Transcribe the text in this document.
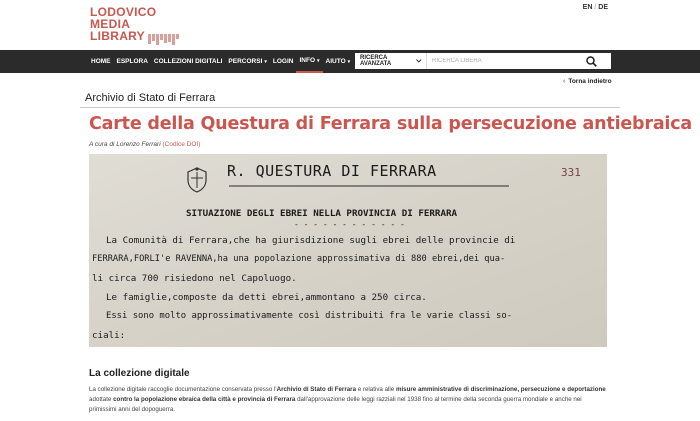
LODOVICO
MEDIA
LIBRARY
EN / DE
HOME ESPLORA COLLEZIONI DIGITALI PERCORSI ▾ LOGIN INFO ▾ AIUTO ▾
RICERCA AVANZATA
RICERCA LIBERA
‹ Torna indietro
Archivio di Stato di Ferrara
Carte della Questura di Ferrara sulla persecuzione antiebraica
A cura di Lorenzo Ferrari (Codice DOI)
R. QUESTURA DI FERRARA	331
SITUAZIONE DEGLI EBREI NELLA PROVINCIA DI FERRARA
- - - - - - - - - - - -
La Comunità di Ferrara,che ha giurisdizione sugli ebrei delle provincie di
FERRARA,FORLI'e RAVENNA,ha una popolazione approssimativa di 880 ebrei,dei qua-
li circa 700 risiedono nel Capoluogo.
Le famiglie,composte da detti ebrei,ammontano a 250 circa.
Essi sono molto approssimativamente così distribuiti fra le varie classi so-
ciali:
La collezione digitale

La collezione digitale raccoglie documentazione conservata presso l'Archivio di Stato di Ferrara e relativa alle misure amministrative di discriminazione, persecuzione e deportazione adottate contro la popolazione ebraica della città e provincia di Ferrara dall'approvazione delle leggi razziali nel 1938 fino al termine della seconda guerra mondiale e anche nei primissimi anni del dopoguerra.
